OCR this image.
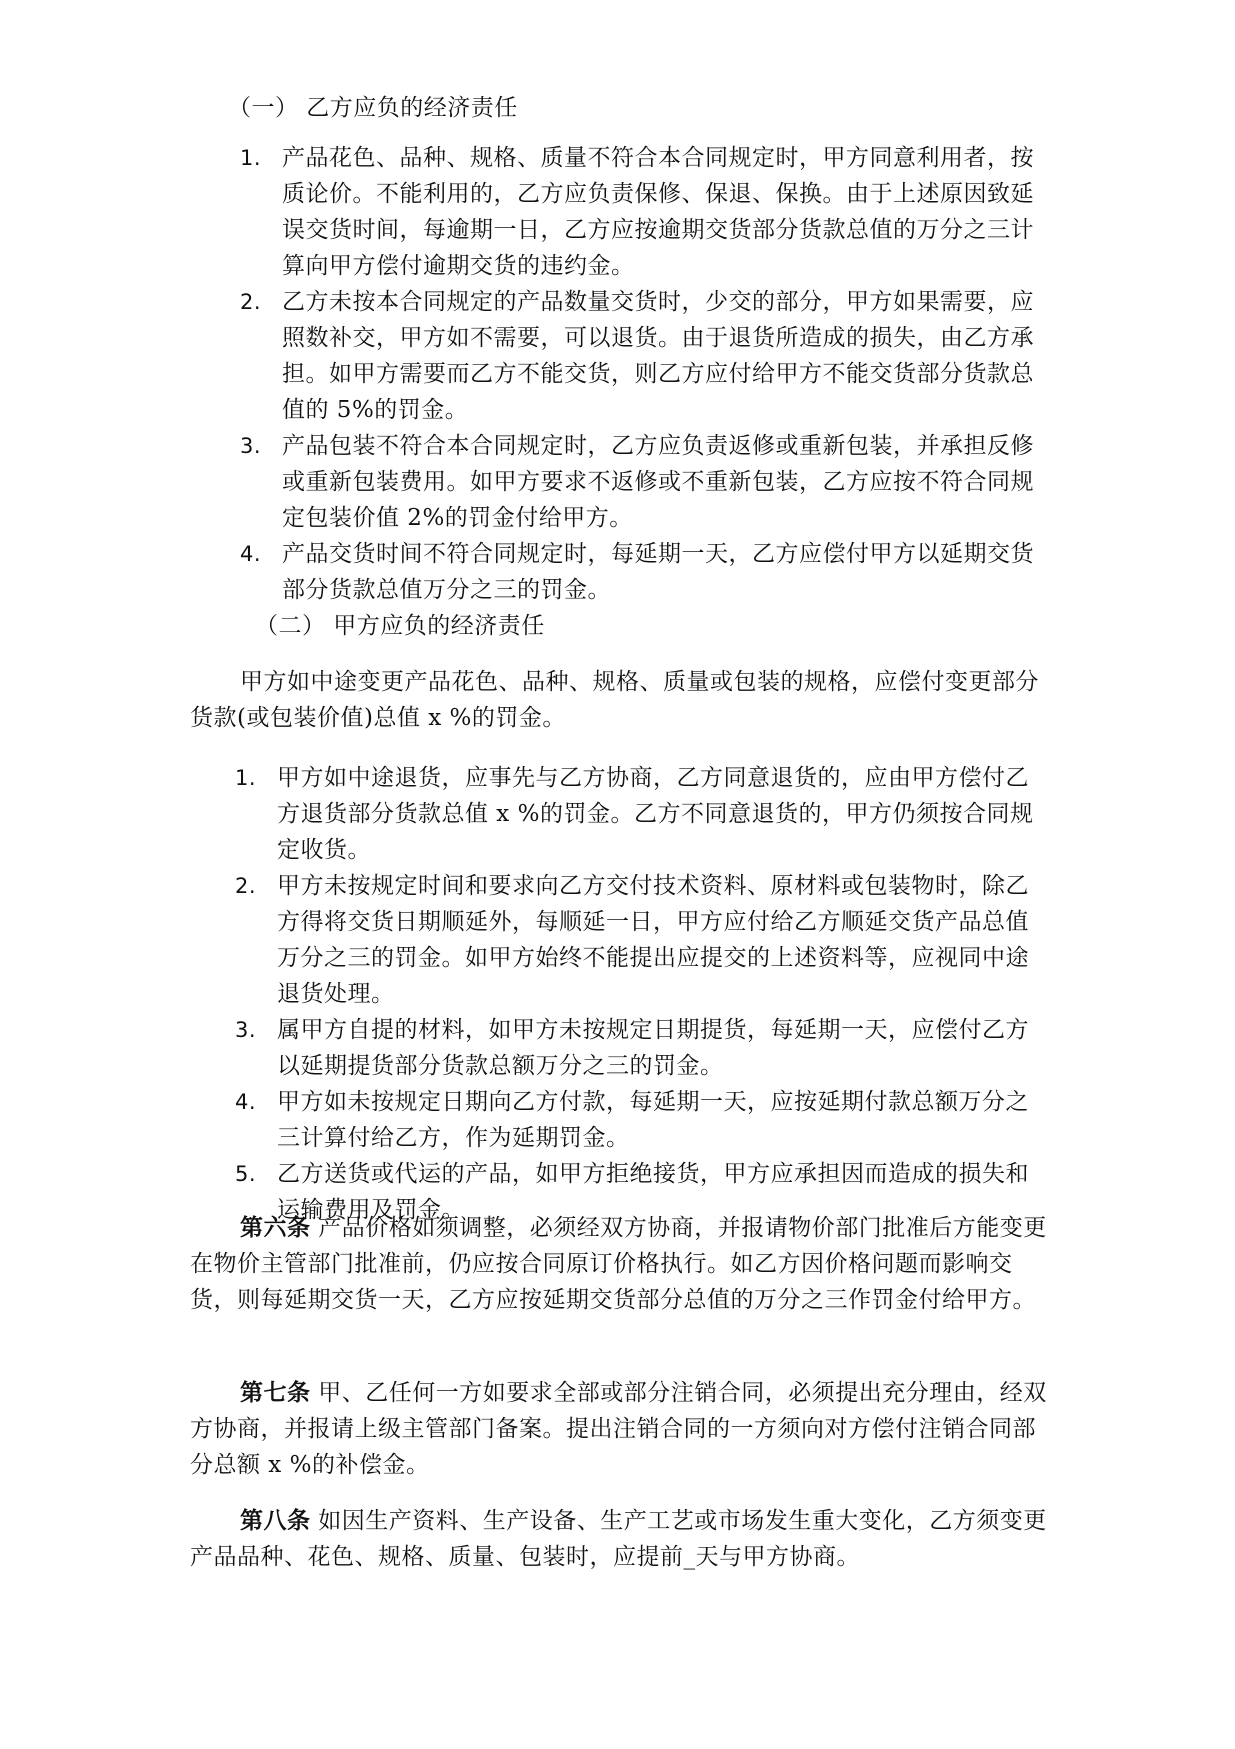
（一） 乙方应负的经济责任
1. 产品花色、品种、规格、质量不符合本合同规定时，甲方同意利用者，按质论价。不能利用的，乙方应负责保修、保退、保换。由于上述原因致延误交货时间，每逾期一日，乙方应按逾期交货部分货款总值的万分之三计算向甲方偿付逾期交货的违约金。
2. 乙方未按本合同规定的产品数量交货时，少交的部分，甲方如果需要，应照数补交，甲方如不需要，可以退货。由于退货所造成的损失，由乙方承担。如甲方需要而乙方不能交货，则乙方应付给甲方不能交货部分货款总值的 5%的罚金。
3. 产品包装不符合本合同规定时，乙方应负责返修或重新包装，并承担反修或重新包装费用。如甲方要求不返修或不重新包装，乙方应按不符合同规定包装价值 2%的罚金付给甲方。
4. 产品交货时间不符合同规定时，每延期一天，乙方应偿付甲方以延期交货部分货款总值万分之三的罚金。
（二） 甲方应负的经济责任
甲方如中途变更产品花色、品种、规格、质量或包装的规格，应偿付变更部分货款(或包装价值)总值 x %的罚金。
1. 甲方如中途退货，应事先与乙方协商，乙方同意退货的，应由甲方偿付乙方退货部分货款总值 x %的罚金。乙方不同意退货的，甲方仍须按合同规定收货。
2. 甲方未按规定时间和要求向乙方交付技术资料、原材料或包装物时，除乙方得将交货日期顺延外，每顺延一日，甲方应付给乙方顺延交货产品总值万分之三的罚金。如甲方始终不能提出应提交的上述资料等，应视同中途退货处理。
3. 属甲方自提的材料，如甲方未按规定日期提货，每延期一天，应偿付乙方以延期提货部分货款总额万分之三的罚金。
4. 甲方如未按规定日期向乙方付款，每延期一天，应按延期付款总额万分之三计算付给乙方，作为延期罚金。
5. 乙方送货或代运的产品，如甲方拒绝接货，甲方应承担因而造成的损失和运输费用及罚金。
第六条 产品价格如须调整，必须经双方协商，并报请物价部门批准后方能变更在物价主管部门批准前，仍应按合同原订价格执行。如乙方因价格问题而影响交货，则每延期交货一天，乙方应按延期交货部分总值的万分之三作罚金付给甲方。
第七条 甲、乙任何一方如要求全部或部分注销合同，必须提出充分理由，经双方协商，并报请上级主管部门备案。提出注销合同的一方须向对方偿付注销合同部分总额 x %的补偿金。
第八条 如因生产资料、生产设备、生产工艺或市场发生重大变化，乙方须变更产品品种、花色、规格、质量、包装时，应提前_天与甲方协商。
